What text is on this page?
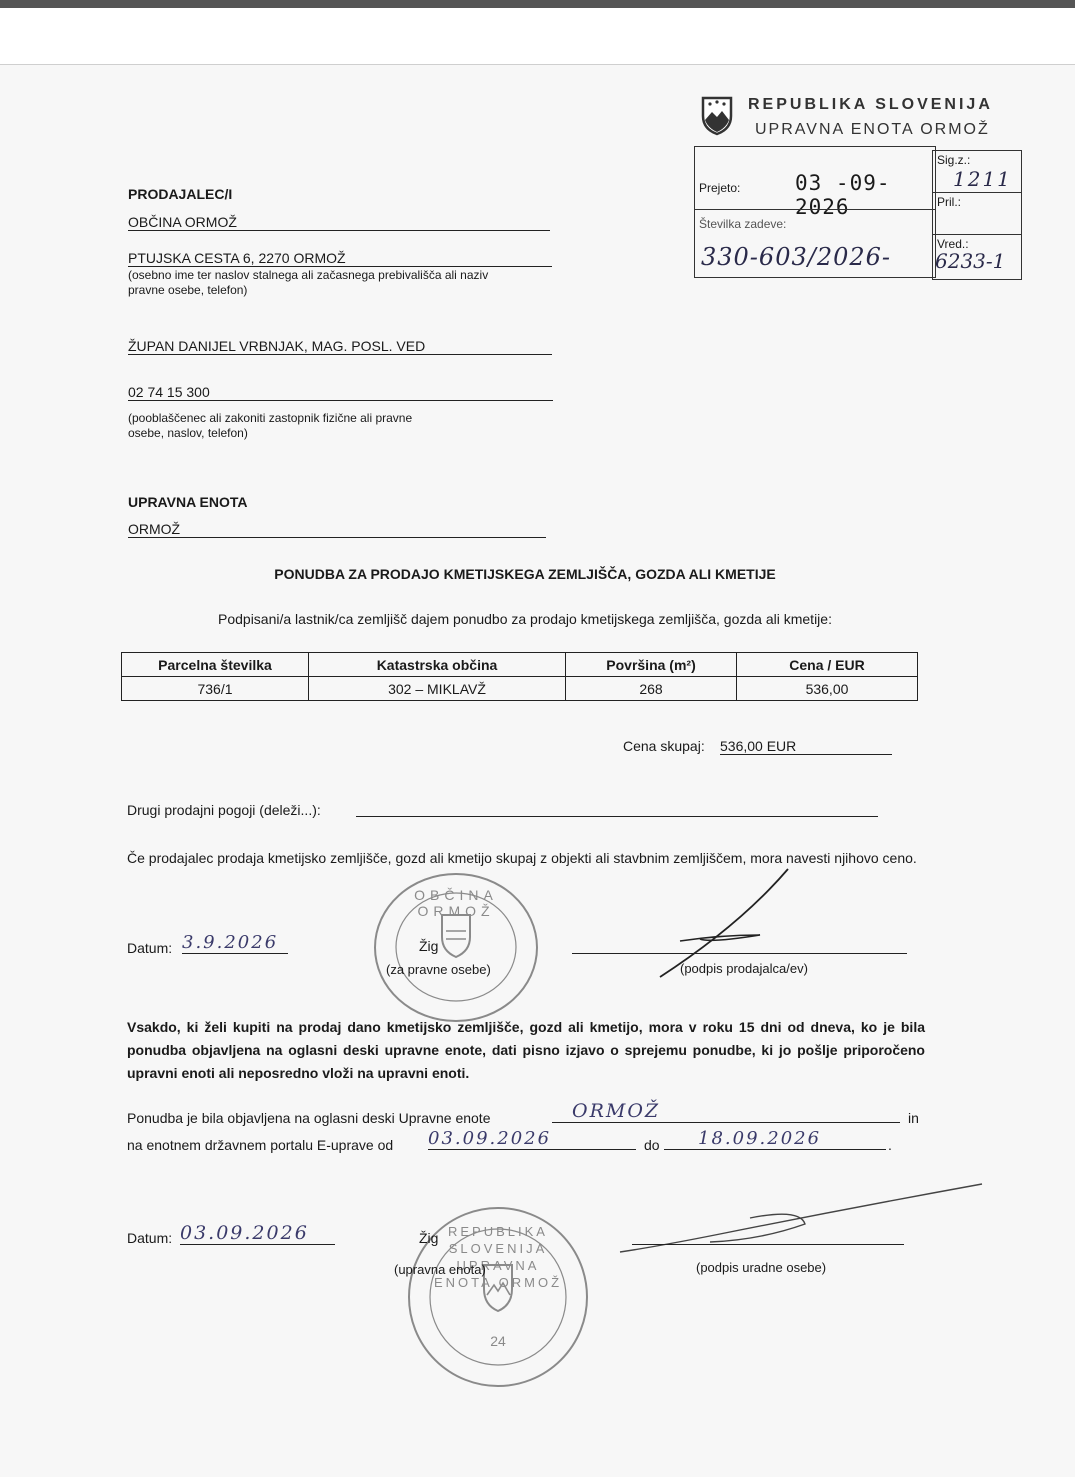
REPUBLIKA SLOVENIJA
UPRAVNA ENOTA ORMOŽ
Prejeto:	03 -09- 2026
Številka zadeve:
330-603/2026-
Sig.z.:
1211
Pril.:
Vred.:
6233-1
PRODAJALEC/I
OBČINA ORMOŽ
PTUJSKA CESTA 6, 2270 ORMOŽ
(osebno ime ter naslov stalnega ali začasnega prebivališča ali naziv pravne osebe, telefon)
ŽUPAN DANIJEL VRBNJAK, MAG. POSL. VED
02 74 15 300
(pooblaščenec ali zakoniti zastopnik fizične ali pravne osebe, naslov, telefon)
UPRAVNA ENOTA
ORMOŽ
PONUDBA ZA PRODAJO KMETIJSKEGA ZEMLJIŠČA, GOZDA ALI KMETIJE
Podpisani/a lastnik/ca zemljišč dajem ponudbo za prodajo kmetijskega zemljišča, gozda ali kmetije:
Parcelna številka	Katastrska občina	Površina (m²)	Cena / EUR
736/1	302 – MIKLAVŽ	268	536,00
Cena skupaj: 536,00 EUR
Drugi prodajni pogoji (deleži...):
Če prodajalec prodaja kmetijsko zemljišče, gozd ali kmetijo skupaj z objekti ali stavbnim zemljiščem, mora navesti njihovo ceno.
Datum: 3.9.2026
OBČINA ORMOŽ
Žig
(za pravne osebe)	(podpis prodajalca/ev)
Vsakdo, ki želi kupiti na prodaj dano kmetijsko zemljišče, gozd ali kmetijo, mora v roku 15 dni od dneva, ko je bila ponudba objavljena na oglasni deski upravne enote, dati pisno izjavo o sprejemu ponudbe, ki jo pošlje priporočeno upravni enoti ali neposredno vloži na upravni enoti.
Ponudba je bila objavljena na oglasni deski Upravne enote	ORMOŽ	in
na enotnem državnem portalu E-uprave od 03.09.2026	do	18.09.2026	.
Datum: 03.09.2026	REPUBLIKA SLOVENIJA UPRAVNA ENOTA ORMOŽ
24
Žig
(upravna enota)	(podpis uradne osebe)
